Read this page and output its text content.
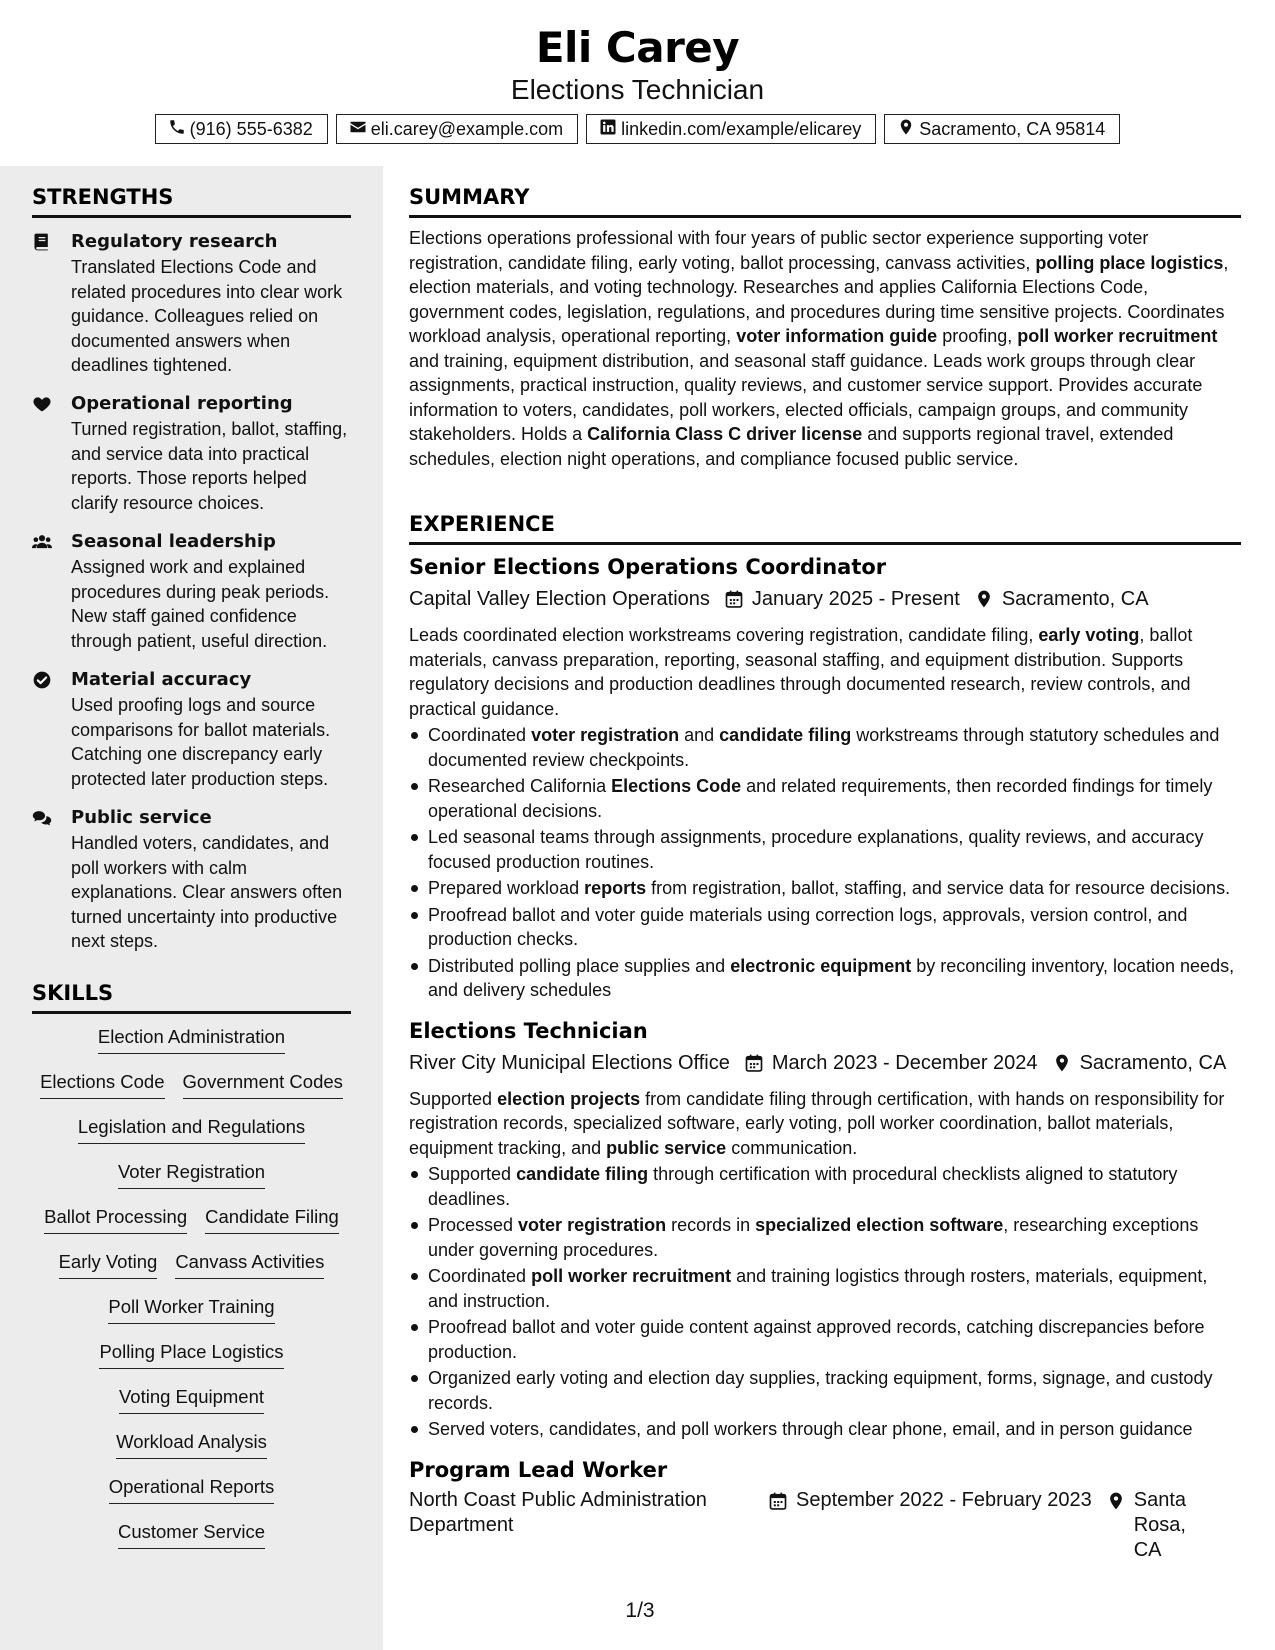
Eli Carey
Elections Technician
(916) 555-6382	eli.carey@example.com	linkedin.com/example/elicarey	Sacramento, CA 95814
STRENGTHS
Regulatory research
Translated Elections Code and related procedures into clear work guidance. Colleagues relied on documented answers when deadlines tightened.
Operational reporting
Turned registration, ballot, staffing, and service data into practical reports. Those reports helped clarify resource choices.
Seasonal leadership
Assigned work and explained procedures during peak periods. New staff gained confidence through patient, useful direction.
Material accuracy
Used proofing logs and source comparisons for ballot materials. Catching one discrepancy early protected later production steps.
Public service
Handled voters, candidates, and poll workers with calm explanations. Clear answers often turned uncertainty into productive next steps.
SKILLS
Election Administration
Elections Code Government Codes
Legislation and Regulations
Voter Registration
Ballot Processing Candidate Filing
Early Voting Canvass Activities
Poll Worker Training
Polling Place Logistics
Voting Equipment
Workload Analysis
Operational Reports
Customer Service
SUMMARY
Elections operations professional with four years of public sector experience supporting voter registration, candidate filing, early voting, ballot processing, canvass activities, polling place logistics, election materials, and voting technology. Researches and applies California Elections Code, government codes, legislation, regulations, and procedures during time sensitive projects. Coordinates workload analysis, operational reporting, voter information guide proofing, poll worker recruitment and training, equipment distribution, and seasonal staff guidance. Leads work groups through clear assignments, practical instruction, quality reviews, and customer service support. Provides accurate information to voters, candidates, poll workers, elected officials, campaign groups, and community stakeholders. Holds a California Class C driver license and supports regional travel, extended schedules, election night operations, and compliance focused public service.
EXPERIENCE
Senior Elections Operations Coordinator
Capital Valley Election Operations January 2025 - Present Sacramento, CA
Leads coordinated election workstreams covering registration, candidate filing, early voting, ballot materials, canvass preparation, reporting, seasonal staffing, and equipment distribution. Supports regulatory decisions and production deadlines through documented research, review controls, and practical guidance.
Coordinated voter registration and candidate filing workstreams through statutory schedules and documented review checkpoints.
Researched California Elections Code and related requirements, then recorded findings for timely operational decisions.
Led seasonal teams through assignments, procedure explanations, quality reviews, and accuracy focused production routines.
Prepared workload reports from registration, ballot, staffing, and service data for resource decisions.
Proofread ballot and voter guide materials using correction logs, approvals, version control, and production checks.
Distributed polling place supplies and electronic equipment by reconciling inventory, location needs, and delivery schedules
Elections Technician
River City Municipal Elections Office March 2023 - December 2024 Sacramento, CA
Supported election projects from candidate filing through certification, with hands on responsibility for registration records, specialized software, early voting, poll worker coordination, ballot materials, equipment tracking, and public service communication.
Supported candidate filing through certification with procedural checklists aligned to statutory deadlines.
Processed voter registration records in specialized election software, researching exceptions under governing procedures.
Coordinated poll worker recruitment and training logistics through rosters, materials, equipment, and instruction.
Proofread ballot and voter guide content against approved records, catching discrepancies before production.
Organized early voting and election day supplies, tracking equipment, forms, signage, and custody records.
Served voters, candidates, and poll workers through clear phone, email, and in person guidance
Program Lead Worker
North Coast Public Administration Department
September 2022 - February 2023 Santa Rosa, CA
1/3
